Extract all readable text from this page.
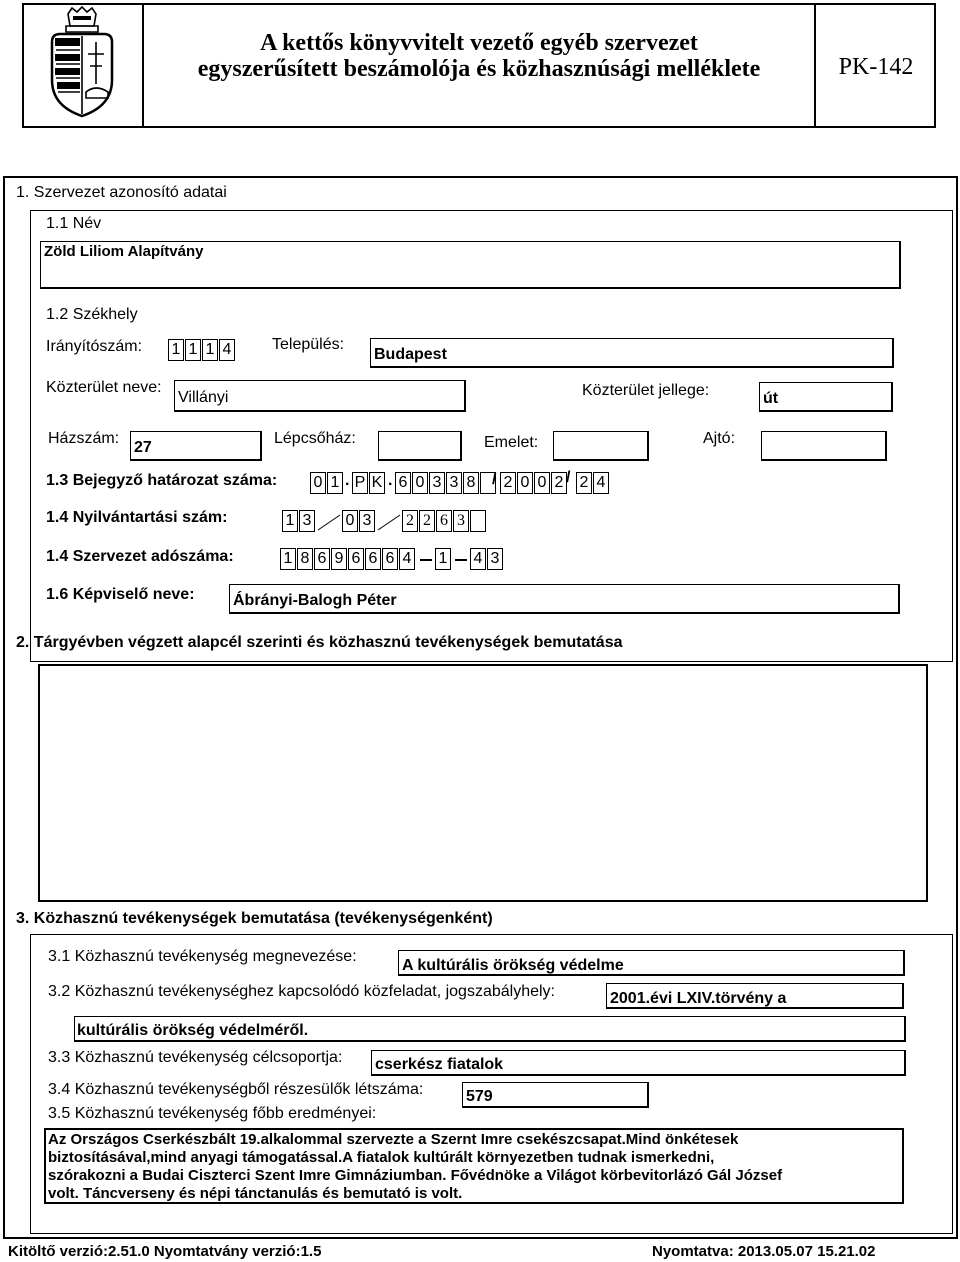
A kettős könyvvitelt vezető egyéb szervezet
egyszerűsített beszámolója és közhasznúsági melléklete	PK-142
1. Szervezet azonosító adatai
1.1 Név
Zöld Liliom Alapítvány
1.2 Székhely
Irányítószám: 1 1 1 4	Település:
Budapest
Közterület neve:
Villányi	Közterület jellege:	út
Házszám:
27
Lépcsőház:	Emelet:	Ajtó:
1.3 Bejegyző határozat száma: 0 1 . P K . 6 0 3 3 8 / 2 0 0 2 / 2 4
1.4 Nyilvántartási szám:	1 3 0 3 2 2 6 3
1.4 Szervezet adószáma:	1 8 6 9 6 6 6 4 1 4 3
1.6 Képviselő neve: Ábrányi-Balogh Péter
2. Tárgyévben végzett alapcél szerinti és közhasznú tevékenységek bemutatása
3. Közhasznú tevékenységek bemutatása (tevékenységenként)
3.1 Közhasznú tevékenység megnevezése:
A kultúrális örökség védelme
3.2 Közhasznú tevékenységhez kapcsolódó közfeladat, jogszabályhely:	2001.évi LXIV.törvény a
kultúrális örökség védelméről.
3.3 Közhasznú tevékenység célcsoportja: cserkész fiatalok
3.4 Közhasznú tevékenységből részesülők létszáma:	579
3.5 Közhasznú tevékenység főbb eredményei:
Az Országos Cserkészbált 19.alkalommal szervezte a Szernt Imre csekészcsapat.Mind önkétesek
biztosításával,mind anyagi támogatással.A fiatalok kultúrált környezetben tudnak ismerkedni,
szórakozni a Budai Ciszterci Szent Imre Gimnáziumban. Fővédnöke a Világot körbevitorlázó Gál József
volt. Táncverseny és népi tánctanulás és bemutató is volt.
Kitöltő verzió:2.51.0 Nyomtatvány verzió:1.5	Nyomtatva: 2013.05.07 15.21.02
